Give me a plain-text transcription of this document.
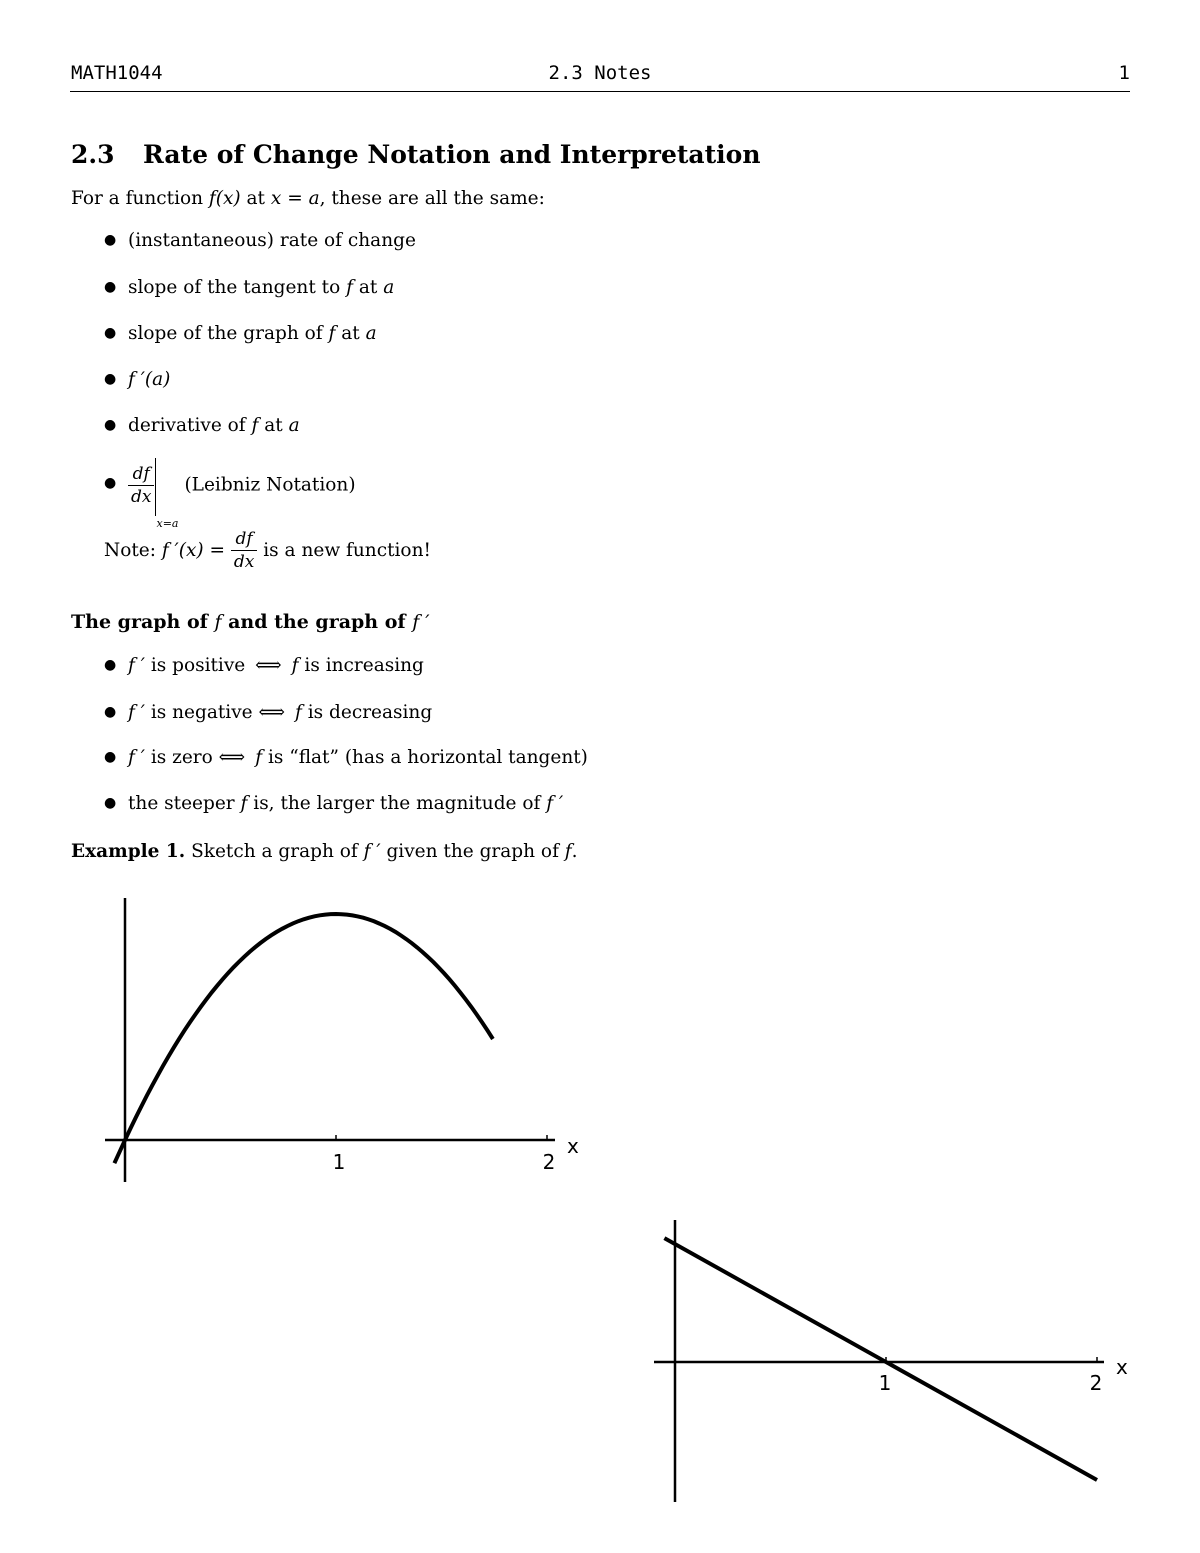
MATH1044	2.3 Notes	1
2.3 Rate of Change Notation and Interpretation
For a function f(x) at x = a, these are all the same:
● (instantaneous) rate of change
● slope of the tangent to f at a
● slope of the graph of f at a
● f ′(a)
● derivative of f at a
● $\frac{df}{dx}$
x=a(Leibniz Notation)
Note: f $'(x) = \frac{df}{dx}$ is a new function!
The graph of f and the graph of f ′
● f ′ is positive ⟺ f is increasing
● f ′ is negative ⟺ f is decreasing
● f ′ is zero ⟺ f is “flat” (has a horizontal tangent)
● the steeper f is, the larger the magnitude of f ′
Example 1. Sketch a graph of f ′ given the graph of f.
x
1	2
x
1	2
